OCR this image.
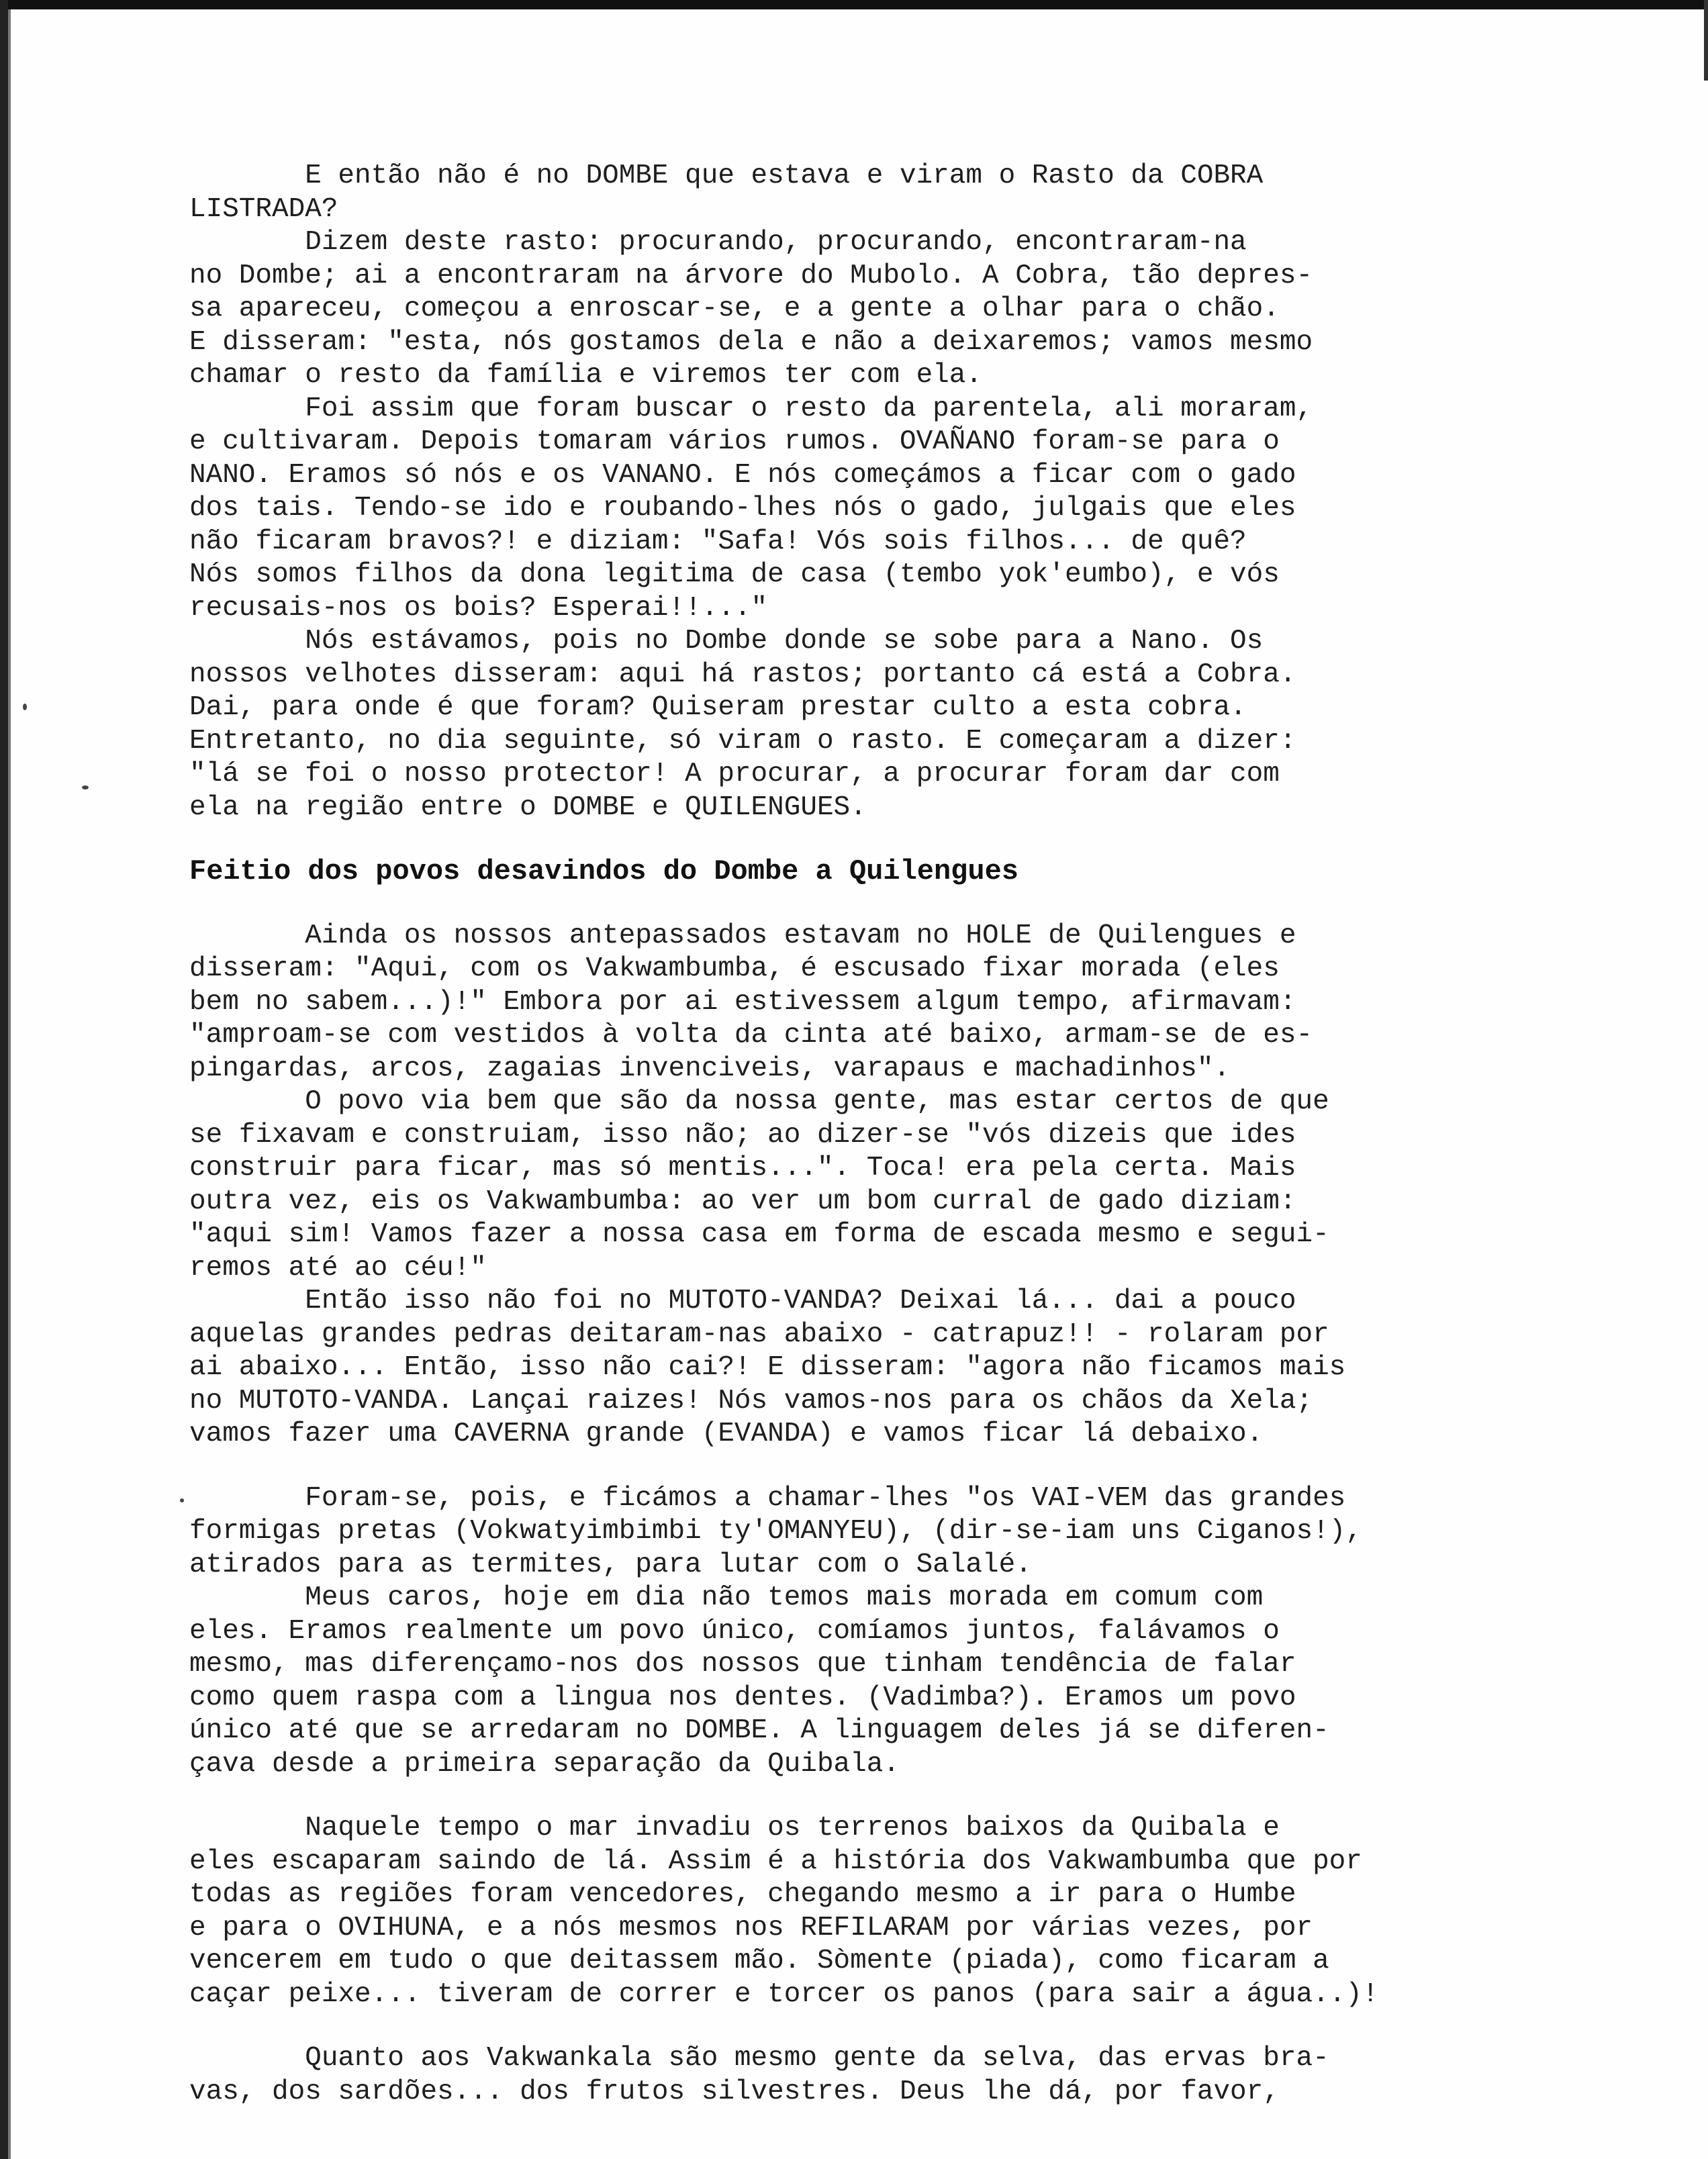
E então não é no DOMBE que estava e viram o Rasto da COBRA
LISTRADA?

Dizem deste rasto: procurando, procurando, encontraram-na
no Dombe; ai a encontraram na árvore do Mubolo. A Cobra, tão depres-
sa apareceu, começou a enroscar-se, e a gente a olhar para o chão.
E disseram: "esta, nós gostamos dela e não a deixaremos; vamos mesmo
chamar o resto da família e viremos ter com ela.

Foi assim que foram buscar o resto da parentela, ali moraram,
e cultivaram. Depois tomaram vários rumos. OVAÑANO foram-se para o
NANO. Eramos só nós e os VANANO. E nós começámos a ficar com o gado
dos tais. Tendo-se ido e roubando-lhes nós o gado, julgais que eles
não ficaram bravos?! e diziam: "Safa! Vós sois filhos... de quê?
Nós somos filhos da dona legitima de casa (tembo yok'eumbo), e vós
recusais-nos os bois? Esperai!!..."

Nós estávamos, pois no Dombe donde se sobe para a Nano. Os
nossos velhotes disseram: aqui há rastos; portanto cá está a Cobra.
Dai, para onde é que foram? Quiseram prestar culto a esta cobra.
Entretanto, no dia seguinte, só viram o rasto. E começaram a dizer:
"lá se foi o nosso protector! A procurar, a procurar foram dar com
ela na região entre o DOMBE e QUILENGUES.

Feitio dos povos desavindos do Dombe a Quilengues

Ainda os nossos antepassados estavam no HOLE de Quilengues e
disseram: "Aqui, com os Vakwambumba, é escusado fixar morada (eles
bem no sabem...)!" Embora por ai estivessem algum tempo, afirmavam:
"amproam-se com vestidos à volta da cinta até baixo, armam-se de es-
pingardas, arcos, zagaias invenciveis, varapaus e machadinhos".

O povo via bem que são da nossa gente, mas estar certos de que
se fixavam e construiam, isso não; ao dizer-se "vós dizeis que ides
construir para ficar, mas só mentis...". Toca! era pela certa. Mais
outra vez, eis os Vakwambumba: ao ver um bom curral de gado diziam:
"aqui sim! Vamos fazer a nossa casa em forma de escada mesmo e segui-
remos até ao céu!"

Então isso não foi no MUTOTO-VANDA? Deixai lá... dai a pouco
aquelas grandes pedras deitaram-nas abaixo - catrapuz!! - rolaram por
ai abaixo... Então, isso não cai?! E disseram: "agora não ficamos mais
no MUTOTO-VANDA. Lançai raizes! Nós vamos-nos para os chãos da Xela;
vamos fazer uma CAVERNA grande (EVANDA) e vamos ficar lá debaixo.

Foram-se, pois, e ficámos a chamar-lhes "os VAI-VEM das grandes
formigas pretas (Vokwatyimbimbi ty'OMANYEU), (dir-se-iam uns Ciganos!),
atirados para as termites, para lutar com o Salalé.

Meus caros, hoje em dia não temos mais morada em comum com
eles. Eramos realmente um povo único, comíamos juntos, falávamos o
mesmo, mas diferençamo-nos dos nossos que tinham tendência de falar
como quem raspa com a lingua nos dentes. (Vadimba?). Eramos um povo
único até que se arredaram no DOMBE. A linguagem deles já se diferen-
çava desde a primeira separação da Quibala.

Naquele tempo o mar invadiu os terrenos baixos da Quibala e
eles escaparam saindo de lá. Assim é a história dos Vakwambumba que por
todas as regiões foram vencedores, chegando mesmo a ir para o Humbe
e para o OVIHUNA, e a nós mesmos nos REFILARAM por várias vezes, por
vencerem em tudo o que deitassem mão. Sòmente (piada), como ficaram a
caçar peixe... tiveram de correr e torcer os panos (para sair a água..)!

Quanto aos Vakwankala são mesmo gente da selva, das ervas bra-
vas, dos sardões... dos frutos silvestres. Deus lhe dá, por favor,
